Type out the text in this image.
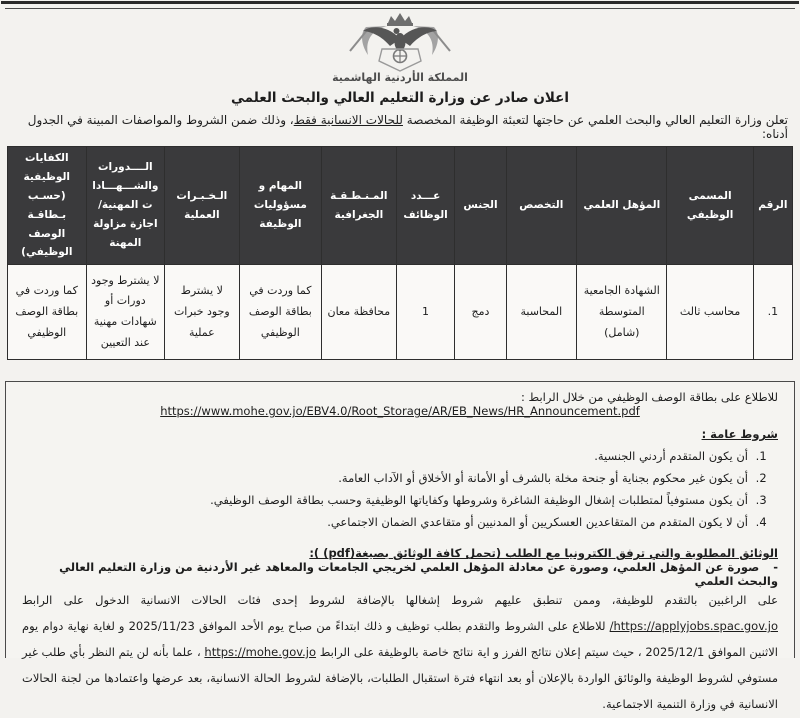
المملكة الأردنية الهاشمية
اعلان صادر عن وزارة التعليم العالي والبحث العلمي

تعلن وزارة التعليم العالي والبحث العلمي عن حاجتها لتعبئة الوظيفة المخصصة للحالات الانسانية فقط، وذلك ضمن الشروط والمواصفات المبينة في الجدول أدناه:

الرقم	المسمى الوظيفي	المؤهل العلمي	التخصص	الجنس	عـــدد الوظائف	المـنـطـقـة الجغرافية	المهام و مسؤوليات الوظيفة	الـخـبـرات العملية	الــــدورات والشـــهـــادات المهنية/اجازة مزاولة المهنة	الكفايات الوظيفية (حسـب بـطاقـة الوصف الوظيفي)
1.	محاسب ثالث	الشهادة الجامعية المتوسطة (شامل)	المحاسبة	دمج	1	محافظة معان	كما وردت في بطاقة الوصف الوظيفي	لا يشترط وجود خبرات عملية	لا يشترط وجود دورات أو شهادات مهنية عند التعيين	كما وردت في بطاقة الوصف الوظيفي

للاطلاع على بطاقة الوصف الوظيفي من خلال الرابط :

https://www.mohe.gov.jo/EBV4.0/Root_Storage/AR/EB_News/HR_Announcement.pdf

شروط عامة :
1. أن يكون المتقدم أردني الجنسية.
2. أن يكون غير محكوم بجناية أو جنحة مخلة بالشرف أو الأمانة أو الأخلاق أو الآداب العامة.
3. أن يكون مستوفياً لمتطلبات إشغال الوظيفة الشاغرة وشروطها وكفاياتها الوظيفية وحسب بطاقة الوصف الوظيفي.
4. أن لا يكون المتقدم من المتقاعدين العسكريين أو المدنيين أو متقاعدي الضمان الاجتماعي.
الوثائق المطلوبة والتي ترفق الكترونيا مع الطلب (تحمل كافة الوثائق بصيغة(pdf) ):

-صورة عن المؤهل العلمي، وصورة عن معادلة المؤهل العلمي لخريجي الجامعات والمعاهد غير الأردنية من وزارة التعليم العالي والبحث العلمي

على الراغبين بالتقدم للوظيفة، وممن تنطبق عليهم شروط إشغالها بالإضافة لشروط إحدى فئات الحالات الانسانية الدخول على الرابط /https://applyjobs.spac.gov.jo للاطلاع على الشروط والتقدم بطلب توظيف و ذلك ابتداءً من صباح يوم الأحد الموافق 2025/11/23 و لغاية نهاية دوام يوم الاثنين الموافق 2025/12/1 ، حيث سيتم إعلان نتائج الفرز و اية نتائج خاصة بالوظيفة على الرابط https://mohe.gov.jo ، علما بأنه لن يتم النظر بأي طلب غير مستوفي لشروط الوظيفة والوثائق الواردة بالإعلان أو بعد انتهاء فترة استقبال الطلبات، بالإضافة لشروط الحالة الانسانية، بعد عرضها واعتمادها من لجنة الحالات الانسانية في وزارة التنمية الاجتماعية.
